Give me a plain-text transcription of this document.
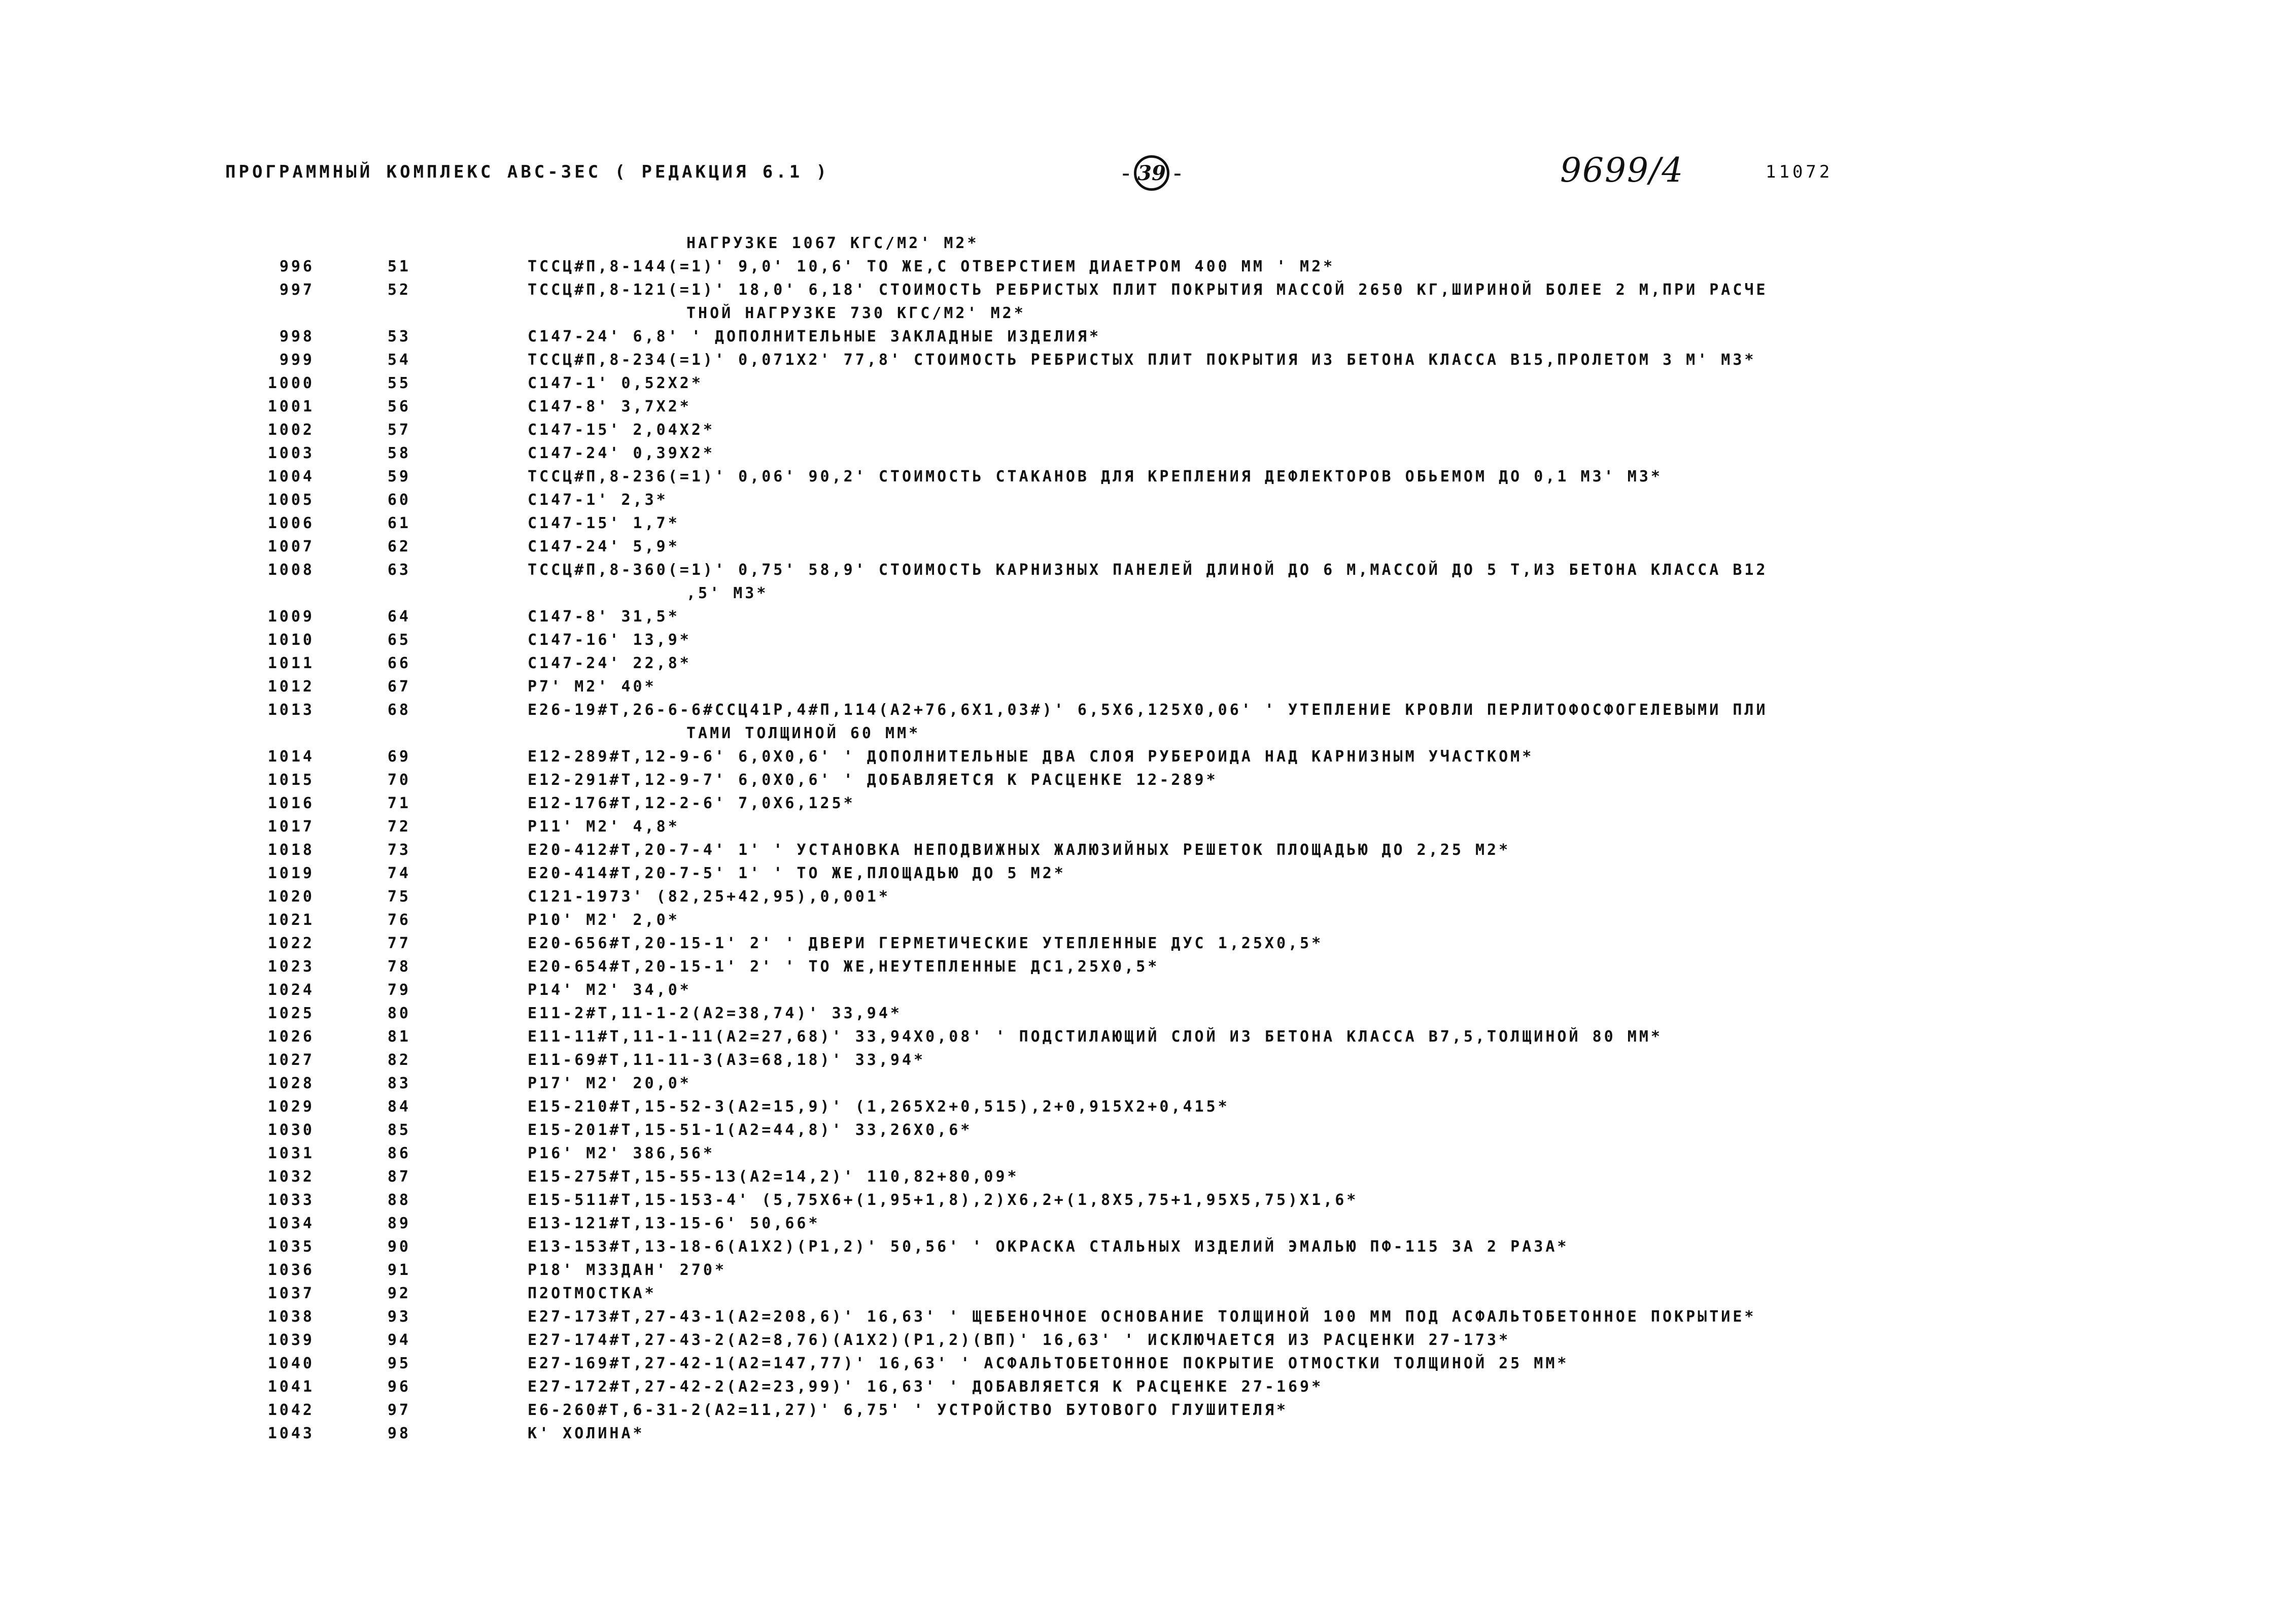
ПРОГРАММНЫЙ КОМПЛЕКС АВС-3ЕС ( РЕДАКЦИЯ 6.1 )	- 39 -	9699/4	11072
НАГРУЗКЕ 1067 КГС/М2' М2*
996	51	ТССЦ#П,8-144(=1)' 9,0' 10,6' ТО ЖЕ,С ОТВЕРСТИЕМ ДИАЕТРОМ 400 ММ ' М2*
997	52	ТССЦ#П,8-121(=1)' 18,0' 6,18' СТОИМОСТЬ РЕБРИСТЫХ ПЛИТ ПОКРЫТИЯ МАССОЙ 2650 КГ,ШИРИНОЙ БОЛЕЕ 2 М,ПРИ РАСЧЕ
ТНОЙ НАГРУЗКЕ 730 КГС/М2' М2*
998	53	С147-24' 6,8' ' ДОПОЛНИТЕЛЬНЫЕ ЗАКЛАДНЫЕ ИЗДЕЛИЯ*
999	54	ТССЦ#П,8-234(=1)' 0,071Х2' 77,8' СТОИМОСТЬ РЕБРИСТЫХ ПЛИТ ПОКРЫТИЯ ИЗ БЕТОНА КЛАССА В15,ПРОЛЕТОМ 3 М' М3*
1000	55	С147-1' 0,52Х2*
1001	56	С147-8' 3,7Х2*
1002	57	С147-15' 2,04Х2*
1003	58	С147-24' 0,39Х2*
1004	59	ТССЦ#П,8-236(=1)' 0,06' 90,2' СТОИМОСТЬ СТАКАНОВ ДЛЯ КРЕПЛЕНИЯ ДЕФЛЕКТОРОВ ОБЬЕМОМ ДО 0,1 М3' М3*
1005	60	С147-1' 2,3*
1006	61	С147-15' 1,7*
1007	62	С147-24' 5,9*
1008	63	ТССЦ#П,8-360(=1)' 0,75' 58,9' СТОИМОСТЬ КАРНИЗНЫХ ПАНЕЛЕЙ ДЛИНОЙ ДО 6 М,МАССОЙ ДО 5 Т,ИЗ БЕТОНА КЛАССА В12
,5' М3*
1009	64	С147-8' 31,5*
1010	65	С147-16' 13,9*
1011	66	С147-24' 22,8*
1012	67	Р7' М2' 40*
1013	68	Е26-19#Т,26-6-6#ССЦ41Р,4#П,114(А2+76,6Х1,03#)' 6,5Х6,125Х0,06' ' УТЕПЛЕНИЕ КРОВЛИ ПЕРЛИТОФОСФОГЕЛЕВЫМИ ПЛИ
ТАМИ ТОЛЩИНОЙ 60 ММ*
1014	69	Е12-289#Т,12-9-6' 6,0Х0,6' ' ДОПОЛНИТЕЛЬНЫЕ ДВА СЛОЯ РУБЕРОИДА НАД КАРНИЗНЫМ УЧАСТКОМ*
1015	70	Е12-291#Т,12-9-7' 6,0Х0,6' ' ДОБАВЛЯЕТСЯ К РАСЦЕНКЕ 12-289*
1016	71	Е12-176#Т,12-2-6' 7,0Х6,125*
1017	72	Р11' М2' 4,8*
1018	73	Е20-412#Т,20-7-4' 1' ' УСТАНОВКА НЕПОДВИЖНЫХ ЖАЛЮЗИЙНЫХ РЕШЕТОК ПЛОЩАДЬЮ ДО 2,25 М2*
1019	74	Е20-414#Т,20-7-5' 1' ' ТО ЖЕ,ПЛОЩАДЬЮ ДО 5 М2*
1020	75	С121-1973' (82,25+42,95),0,001*
1021	76	Р10' М2' 2,0*
1022	77	Е20-656#Т,20-15-1' 2' ' ДВЕРИ ГЕРМЕТИЧЕСКИЕ УТЕПЛЕННЫЕ ДУС 1,25Х0,5*
1023	78	Е20-654#Т,20-15-1' 2' ' ТО ЖЕ,НЕУТЕПЛЕННЫЕ ДС1,25Х0,5*
1024	79	Р14' М2' 34,0*
1025	80	Е11-2#Т,11-1-2(А2=38,74)' 33,94*
1026	81	Е11-11#Т,11-1-11(А2=27,68)' 33,94Х0,08' ' ПОДСТИЛАЮЩИЙ СЛОЙ ИЗ БЕТОНА КЛАССА В7,5,ТОЛЩИНОЙ 80 ММ*
1027	82	Е11-69#Т,11-11-3(А3=68,18)' 33,94*
1028	83	Р17' М2' 20,0*
1029	84	Е15-210#Т,15-52-3(А2=15,9)' (1,265Х2+0,515),2+0,915Х2+0,415*
1030	85	Е15-201#Т,15-51-1(А2=44,8)' 33,26Х0,6*
1031	86	Р16' М2' 386,56*
1032	87	Е15-275#Т,15-55-13(А2=14,2)' 110,82+80,09*
1033	88	Е15-511#Т,15-153-4' (5,75Х6+(1,95+1,8),2)Х6,2+(1,8Х5,75+1,95Х5,75)Х1,6*
1034	89	Е13-121#Т,13-15-6' 50,66*
1035	90	Е13-153#Т,13-18-6(А1Х2)(Р1,2)' 50,56' ' ОКРАСКА СТАЛЬНЫХ ИЗДЕЛИЙ ЭМАЛЬЮ ПФ-115 ЗА 2 РАЗА*
1036	91	Р18' М3ЗДАН' 270*
1037	92	П2ОТМОСТКА*
1038	93	Е27-173#Т,27-43-1(А2=208,6)' 16,63' ' ЩЕБЕНОЧНОЕ ОСНОВАНИЕ ТОЛЩИНОЙ 100 ММ ПОД АСФАЛЬТОБЕТОННОЕ ПОКРЫТИЕ*
1039	94	Е27-174#Т,27-43-2(А2=8,76)(А1Х2)(Р1,2)(ВП)' 16,63' ' ИСКЛЮЧАЕТСЯ ИЗ РАСЦЕНКИ 27-173*
1040	95	Е27-169#Т,27-42-1(А2=147,77)' 16,63' ' АСФАЛЬТОБЕТОННОЕ ПОКРЫТИЕ ОТМОСТКИ ТОЛЩИНОЙ 25 ММ*
1041	96	Е27-172#Т,27-42-2(А2=23,99)' 16,63' ' ДОБАВЛЯЕТСЯ К РАСЦЕНКЕ 27-169*
1042	97	Е6-260#Т,6-31-2(А2=11,27)' 6,75' ' УСТРОЙСТВО БУТОВОГО ГЛУШИТЕЛЯ*
1043	98	К' ХОЛИНА*
